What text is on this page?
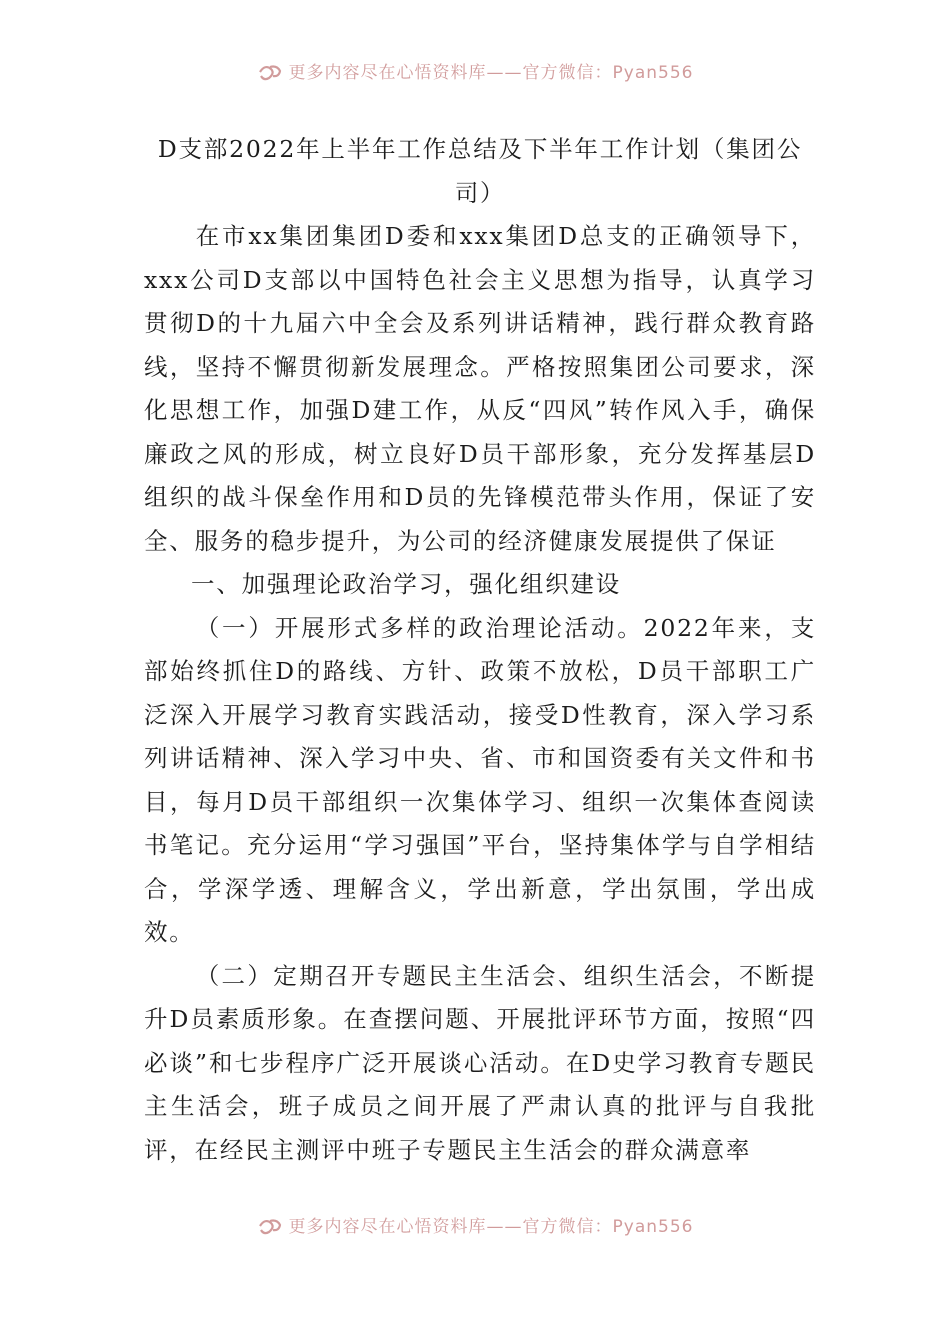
更多内容尽在心悟资料库——官方微信：Pyan556
D支部2022年上半年工作总结及下半年工作计划（集团公
司）

在市xx集团集团D委和xxx集团D总支的正确领导下，xxx公司D支部以中国特色社会主义思想为指导，认真学习贯彻D的十九届六中全会及系列讲话精神，践行群众教育路线，坚持不懈贯彻新发展理念。严格按照集团公司要求，深化思想工作，加强D建工作，从反“四风”转作风入手，确保廉政之风的形成，树立良好D员干部形象，充分发挥基层D组织的战斗保垒作用和D员的先锋模范带头作用，保证了安全、服务的稳步提升，为公司的经济健康发展提供了保证

一、加强理论政治学习，强化组织建设

（一）开展形式多样的政治理论活动。2022年来，支部始终抓住D的路线、方针、政策不放松，D员干部职工广泛深入开展学习教育实践活动，接受D性教育，深入学习系列讲话精神、深入学习中央、省、市和国资委有关文件和书目，每月D员干部组织一次集体学习、组织一次集体查阅读书笔记。充分运用“学习强国”平台，坚持集体学与自学相结合，学深学透、理解含义，学出新意，学出氛围，学出成效。

（二）定期召开专题民主生活会、组织生活会，不断提升D员素质形象。在查摆问题、开展批评环节方面，按照“四必谈”和七步程序广泛开展谈心活动。在D史学习教育专题民主生活会，班子成员之间开展了严肃认真的批评与自我批评，在经民主测评中班子专题民主生活会的群众满意率

更多内容尽在心悟资料库——官方微信：Pyan556
